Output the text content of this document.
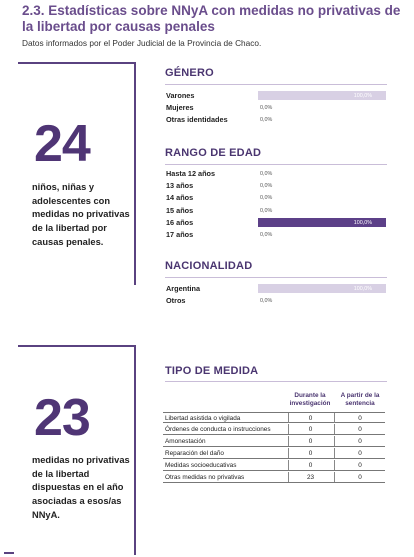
2.3. Estadísticas sobre NNyA con medidas no privativas de la libertad por causas penales
Datos informados por el Poder Judicial de la Provincia de Chaco.
24
niños, niñas y adolescentes con medidas no privativas de la libertad por causas penales.
GÉNERO
Varones	100,0%
Mujeres	0,0%
Otras identidades	0,0%
RANGO DE EDAD
Hasta 12 años	0,0%
13 años	0,0%
14 años	0,0%
15 años	0,0%
16 años	100,0%
17 años	0,0%
NACIONALIDAD
Argentina	100,0%
Otros	0,0%
23
medidas no privativas de la libertad dispuestas en el año asociadas a esos/as NNyA.
TIPO DE MEDIDA
Durante la investigación
A partir de la sentencia
Libertad asistida o vigilada	0	0
Órdenes de conducta o instrucciones	0	0
Amonestación	0	0
Reparación del daño	0	0
Medidas socioeducativas	0	0
Otras medidas no privativas	23	0
